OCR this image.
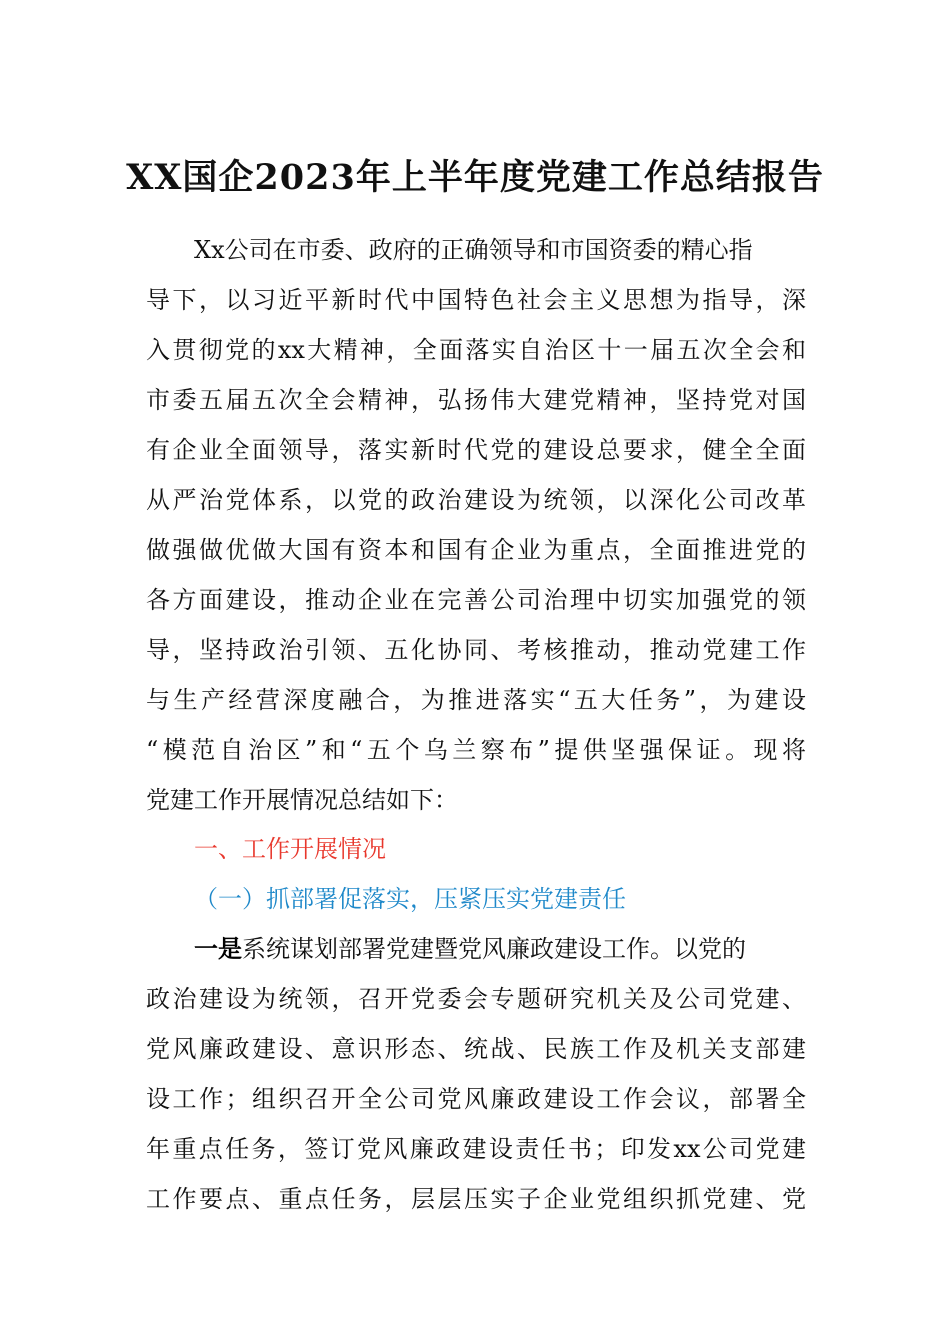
XX国企2023年上半年度党建工作总结报告
Xx公司在市委、政府的正确领导和市国资委的精心指
导下，以习近平新时代中国特色社会主义思想为指导，深
入贯彻党的xx大精神，全面落实自治区十一届五次全会和
市委五届五次全会精神，弘扬伟大建党精神，坚持党对国
有企业全面领导，落实新时代党的建设总要求，健全全面
从严治党体系，以党的政治建设为统领，以深化公司改革
做强做优做大国有资本和国有企业为重点，全面推进党的
各方面建设，推动企业在完善公司治理中切实加强党的领
导，坚持政治引领、五化协同、考核推动，推动党建工作
与生产经营深度融合，为推进落实“五大任务”，为建设
“模范自治区”和“五个乌兰察布”提供坚强保证。现将
党建工作开展情况总结如下：
一、工作开展情况
（一）抓部署促落实，压紧压实党建责任
一是系统谋划部署党建暨党风廉政建设工作。以党的
政治建设为统领，召开党委会专题研究机关及公司党建、
党风廉政建设、意识形态、统战、民族工作及机关支部建
设工作；组织召开全公司党风廉政建设工作会议，部署全
年重点任务，签订党风廉政建设责任书；印发xx公司党建
工作要点、重点任务，层层压实子企业党组织抓党建、党
